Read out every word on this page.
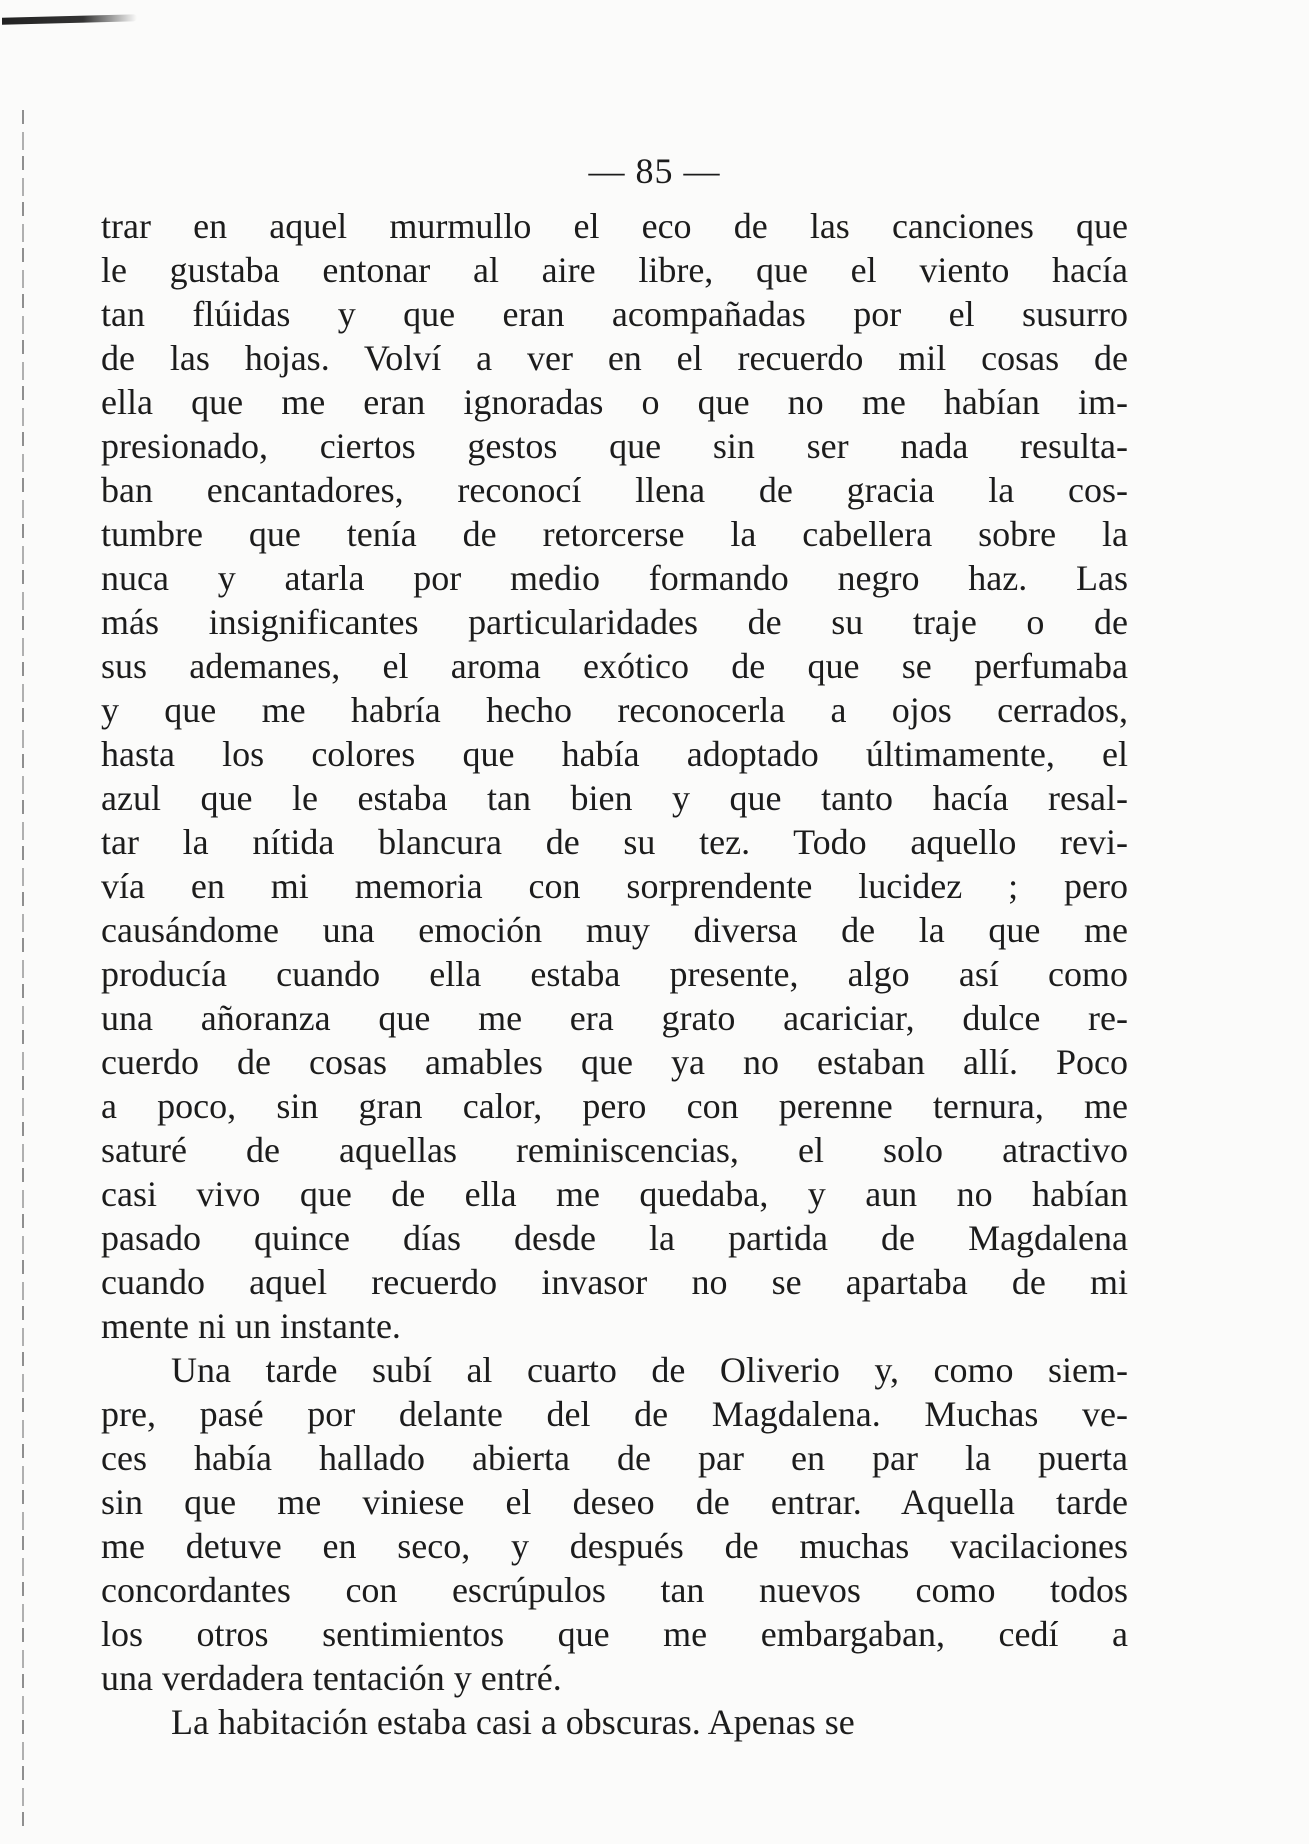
— 85 —
trar en aquel murmullo el eco de las canciones que
le gustaba entonar al aire libre, que el viento hacía
tan flúidas y que eran acompañadas por el susurro
de las hojas. Volví a ver en el recuerdo mil cosas de
ella que me eran ignoradas o que no me habían im-
presionado, ciertos gestos que sin ser nada resulta-
ban encantadores, reconocí llena de gracia la cos-
tumbre que tenía de retorcerse la cabellera sobre la
nuca y atarla por medio formando negro haz. Las
más insignificantes particularidades de su traje o de
sus ademanes, el aroma exótico de que se perfumaba
y que me habría hecho reconocerla a ojos cerrados,
hasta los colores que había adoptado últimamente, el
azul que le estaba tan bien y que tanto hacía resal-
tar la nítida blancura de su tez. Todo aquello revi-
vía en mi memoria con sorprendente lucidez ; pero
causándome una emoción muy diversa de la que me
producía cuando ella estaba presente, algo así como
una añoranza que me era grato acariciar, dulce re-
cuerdo de cosas amables que ya no estaban allí. Poco
a poco, sin gran calor, pero con perenne ternura, me
saturé de aquellas reminiscencias, el solo atractivo
casi vivo que de ella me quedaba, y aun no habían
pasado quince días desde la partida de Magdalena
cuando aquel recuerdo invasor no se apartaba de mi
mente ni un instante.
Una tarde subí al cuarto de Oliverio y, como siem-
pre, pasé por delante del de Magdalena. Muchas ve-
ces había hallado abierta de par en par la puerta
sin que me viniese el deseo de entrar. Aquella tarde
me detuve en seco, y después de muchas vacilaciones
concordantes con escrúpulos tan nuevos como todos
los otros sentimientos que me embargaban, cedí a
una verdadera tentación y entré.
La habitación estaba casi a obscuras. Apenas se
